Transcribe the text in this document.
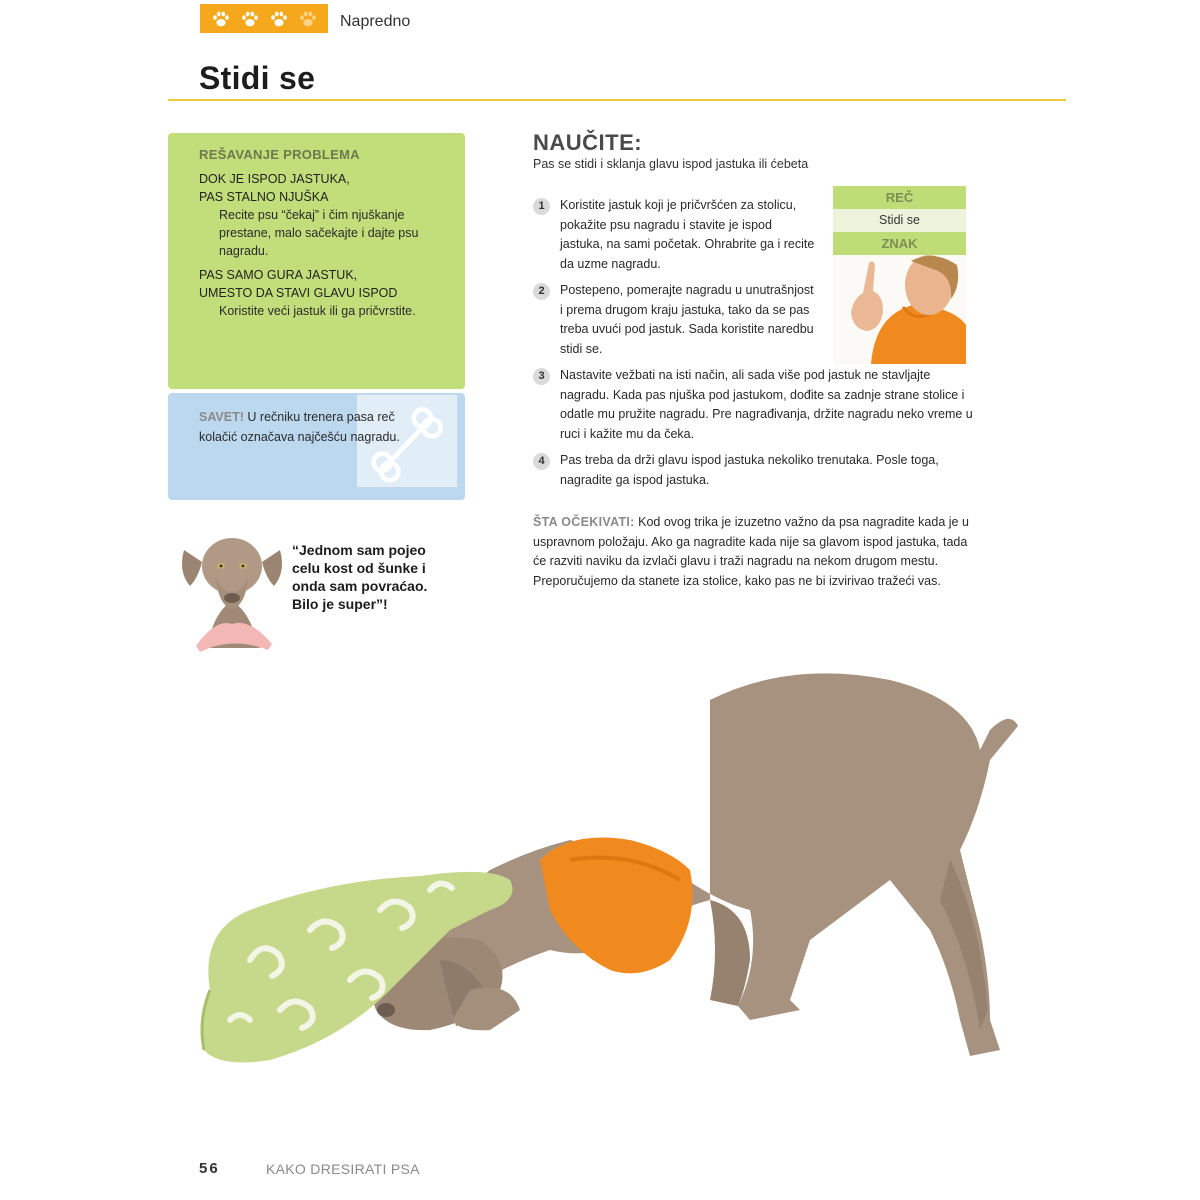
Napredno
Stidi se
REŠAVANJE PROBLEMA
DOK JE ISPOD JASTUKA,
PAS STALNO NJUŠKA
Recite psu “čekaj” i čim njuškanje prestane, malo sačekajte i dajte psu nagradu.
PAS SAMO GURA JASTUK,
UMESTO DA STAVI GLAVU ISPOD
Koristite veći jastuk ili ga pričvrstite.
SAVET! U rečniku trenera pasa reč kolačić označava najčešću nagradu.
“Jednom sam pojeo celu kost od šunke i onda sam povraćao. Bilo je super”!
NAUČITE:
Pas se stidi i sklanja glavu ispod jastuka ili ćebeta
1	Koristite jastuk koji je pričvršćen za stolicu, pokažite psu nagradu i stavite je ispod jastuka, na sami početak. Ohrabrite ga i recite da uzme nagradu.
2	Postepeno, pomerajte nagradu u unutrašnjost i prema drugom kraju jastuka, tako da se pas treba uvući pod jastuk. Sada koristite naredbu stidi se.
3	Nastavite vežbati na isti način, ali sada više pod jastuk ne stavljajte nagradu. Kada pas njuška pod jastukom, dođite sa zadnje strane stolice i odatle mu pružite nagradu. Pre nagrađivanja, držite nagradu neko vreme u ruci i kažite mu da čeka.
4	Pas treba da drži glavu ispod jastuka nekoliko trenutaka. Posle toga, nagradite ga ispod jastuka.
REČ
Stidi se
ZNAK
ŠTA OČEKIVATI: Kod ovog trika je izuzetno važno da psa nagradite kada je u uspravnom položaju. Ako ga nagradite kada nije sa glavom ispod jastuka, tada će razviti naviku da izvlači glavu i traži nagradu na nekom drugom mestu. Preporučujemo da stanete iza stolice, kako pas ne bi izvirivao tražeći vas.
56	KAKO DRESIRATI PSA
